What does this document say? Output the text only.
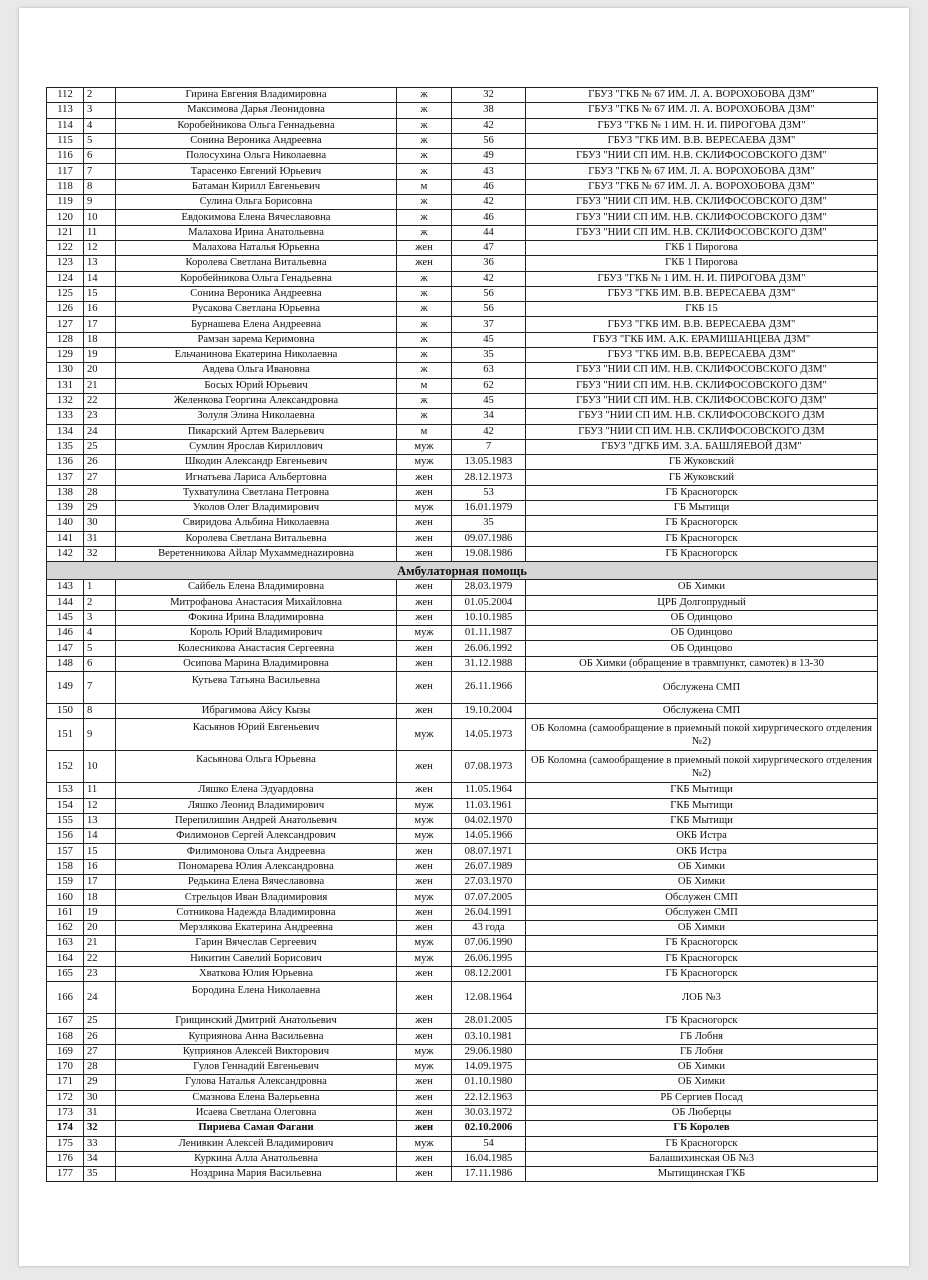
112	2	Гирина Евгения Владимировна	ж	32	ГБУЗ "ГКБ № 67 ИМ. Л. А. ВОРОХОБОВА ДЗМ"
113	3	Максимова Дарья Леонидовна	ж	38	ГБУЗ "ГКБ № 67 ИМ. Л. А. ВОРОХОБОВА ДЗМ"
114	4	Коробейникова Ольга Геннадьевна	ж	42	ГБУЗ "ГКБ № 1 ИМ. Н. И. ПИРОГОВА ДЗМ"
115	5	Сонина Вероника Андреевна	ж	56	ГБУЗ "ГКБ ИМ. В.В. ВЕРЕСАЕВА ДЗМ"
116	6	Полосухина Ольга Николаевна	ж	49	ГБУЗ "НИИ СП ИМ. Н.В. СКЛИФОСОВСКОГО ДЗМ"
117	7	Тарасенко Евгений Юрьевич	ж	43	ГБУЗ "ГКБ № 67 ИМ. Л. А. ВОРОХОБОВА ДЗМ"
118	8	Батаман Кирилл Евгеньевич	м	46	ГБУЗ "ГКБ № 67 ИМ. Л. А. ВОРОХОБОВА ДЗМ"
119	9	Сулина Ольга Борисовна	ж	42	ГБУЗ "НИИ СП ИМ. Н.В. СКЛИФОСОВСКОГО ДЗМ"
120	10	Евдокимова Елена Вячеславовна	ж	46	ГБУЗ "НИИ СП ИМ. Н.В. СКЛИФОСОВСКОГО ДЗМ"
121	11	Малахова Ирина Анатольевна	ж	44	ГБУЗ "НИИ СП ИМ. Н.В. СКЛИФОСОВСКОГО ДЗМ"
122	12	Малахова Наталья Юрьевна	жен	47	ГКБ 1 Пирогова
123	13	Королева Светлана Витальевна	жен	36	ГКБ 1 Пирогова
124	14	Коробейникова Ольга Генадьевна	ж	42	ГБУЗ "ГКБ № 1 ИМ. Н. И. ПИРОГОВА ДЗМ"
125	15	Сонина Вероника Андреевна	ж	56	ГБУЗ "ГКБ ИМ. В.В. ВЕРЕСАЕВА ДЗМ"
126	16	Русакова Светлана Юрьевна	ж	56	ГКБ 15
127	17	Бурнашева Елена Андреевна	ж	37	ГБУЗ "ГКБ ИМ. В.В. ВЕРЕСАЕВА ДЗМ"
128	18	Рамзан зарема Керимовна	ж	45	ГБУЗ "ГКБ ИМ. А.К. ЕРАМИШАНЦЕВА ДЗМ"
129	19	Ельчанинова Екатерина Николаевна	ж	35	ГБУЗ "ГКБ ИМ. В.В. ВЕРЕСАЕВА ДЗМ"
130	20	Авдева Ольга Ивановна	ж	63	ГБУЗ "НИИ СП ИМ. Н.В. СКЛИФОСОВСКОГО ДЗМ"
131	21	Босых Юрий Юрьевич	м	62	ГБУЗ "НИИ СП ИМ. Н.В. СКЛИФОСОВСКОГО ДЗМ"
132	22	Желенкова Георгина Александровна	ж	45	ГБУЗ "НИИ СП ИМ. Н.В. СКЛИФОСОВСКОГО ДЗМ"
133	23	Золуля Элина Николаевна	ж	34	ГБУЗ "НИИ СП ИМ. Н.В. СКЛИФОСОВСКОГО ДЗМ
134	24	Пикарский Артем Валерьевич	м	42	ГБУЗ "НИИ СП ИМ. Н.В. СКЛИФОСОВСКОГО ДЗМ
135	25	Сумлин Ярослав Кириллович	муж	7	ГБУЗ "ДГКБ ИМ. З.А. БАШЛЯЕВОЙ ДЗМ"
136	26	Шкодин Александр Евгеньевич	муж	13.05.1983	ГБ Жуковский
137	27	Игнатьева Лариса Альбертовна	жен	28.12.1973	ГБ Жуковский
138	28	Тухватулина Светлана Петровна	жен	53	ГБ Красногорск
139	29	Уколов Олег Владимирович	муж	16.01.1979	ГБ Мытищи
140	30	Свиридова Альбина Николаевна	жен	35	ГБ Красногорск
141	31	Королева Светлана Витальевна	жен	09.07.1986	ГБ Красногорск
142	32	Веретенникова Айлар Мухаммеднаzировна	жен	19.08.1986	ГБ Красногорск
Амбулаторная помощь					
143	1	Сайбель Елена Владимировна	жен	28.03.1979	ОБ Химки
144	2	Митрофанова Анастасия Михайловна	жен	01.05.2004	ЦРБ Долгопрудный
145	3	Фокина Ирина Владимировна	жен	10.10.1985	ОБ Одинцово
146	4	Король Юрий Владимирович	муж	01.11.1987	ОБ Одинцово
147	5	Колесникова Анастасия Сергеевна	жен	26.06.1992	ОБ Одинцово
148	6	Осипова Марина Владимировна	жен	31.12.1988	ОБ Химки (обращение в травмпункт, самотек) в 13-30
149	7	Кутьева Татьяна Васильевна	жен	26.11.1966	Обслужена СМП
150	8	Ибрагимова Айсу Кызы	жен	19.10.2004	Обслужена СМП
151	9	Касьянов Юрий Евгеньевич	муж	14.05.1973	ОБ Коломна (самообращение в приемный покой хирургического отделения №2)
152	10	Касьянова Ольга Юрьевна	жен	07.08.1973	ОБ Коломна (самообращение в приемный покой хирургического отделения №2)
153	11	Ляшко Елена Эдуардовна	жен	11.05.1964	ГКБ Мытищи
154	12	Ляшко Леонид Владимирович	муж	11.03.1961	ГКБ Мытищи
155	13	Перепилишин Андрей Анатольевич	муж	04.02.1970	ГКБ Мытищи
156	14	Филимонов Сергей Александрович	муж	14.05.1966	ОКБ Истра
157	15	Филимонова Ольга Андреевна	жен	08.07.1971	ОКБ Истра
158	16	Пономарева Юлия Александровна	жен	26.07.1989	ОБ Химки
159	17	Редькина Елена Вячеславовна	жен	27.03.1970	ОБ Химки
160	18	Стрельцов Иван Владимировия	муж	07.07.2005	Обслужен СМП
161	19	Сотникова Надежда Владимировна	жен	26.04.1991	Обслужен СМП
162	20	Мерзлякова Екатерина Андреевна	жен	43 года	ОБ Химки
163	21	Гарин Вячеслав Сергеевич	муж	07.06.1990	ГБ Красногорск
164	22	Никитин Савелий Борисович	муж	26.06.1995	ГБ Красногорск
165	23	Хваткова Юлия Юрьевна	жен	08.12.2001	ГБ Красногорск
166	24	Бородина Елена Николаевна	жен	12.08.1964	ЛОБ №3
167	25	Грищинский Дмитрий Анатольевич	жен	28.01.2005	ГБ Красногорск
168	26	Куприянова Анна Васильевна	жен	03.10.1981	ГБ Лобня
169	27	Куприянов Алексей Викторович	муж	29.06.1980	ГБ Лобня
170	28	Гулов Геннадий Евгеньевич	муж	14.09.1975	ОБ Химки
171	29	Гулова Наталья Александровна	жен	01.10.1980	ОБ Химки
172	30	Смазнова Елена Валерьевна	жен	22.12.1963	РБ Сергиев Посад
173	31	Исаева Светлана Олеговна	жен	30.03.1972	ОБ Люберцы
174	32	Пириева Самая Фагани	жен	02.10.2006	ГБ Королев
175	33	Ленивкин Алексей Владимирович	муж	54	ГБ Красногорск
176	34	Куркина Алла Анатольевна	жен	16.04.1985	Балашихинская ОБ №3
177	35	Ноздрина Мария Васильевна	жен	17.11.1986	Мытищинская ГКБ
